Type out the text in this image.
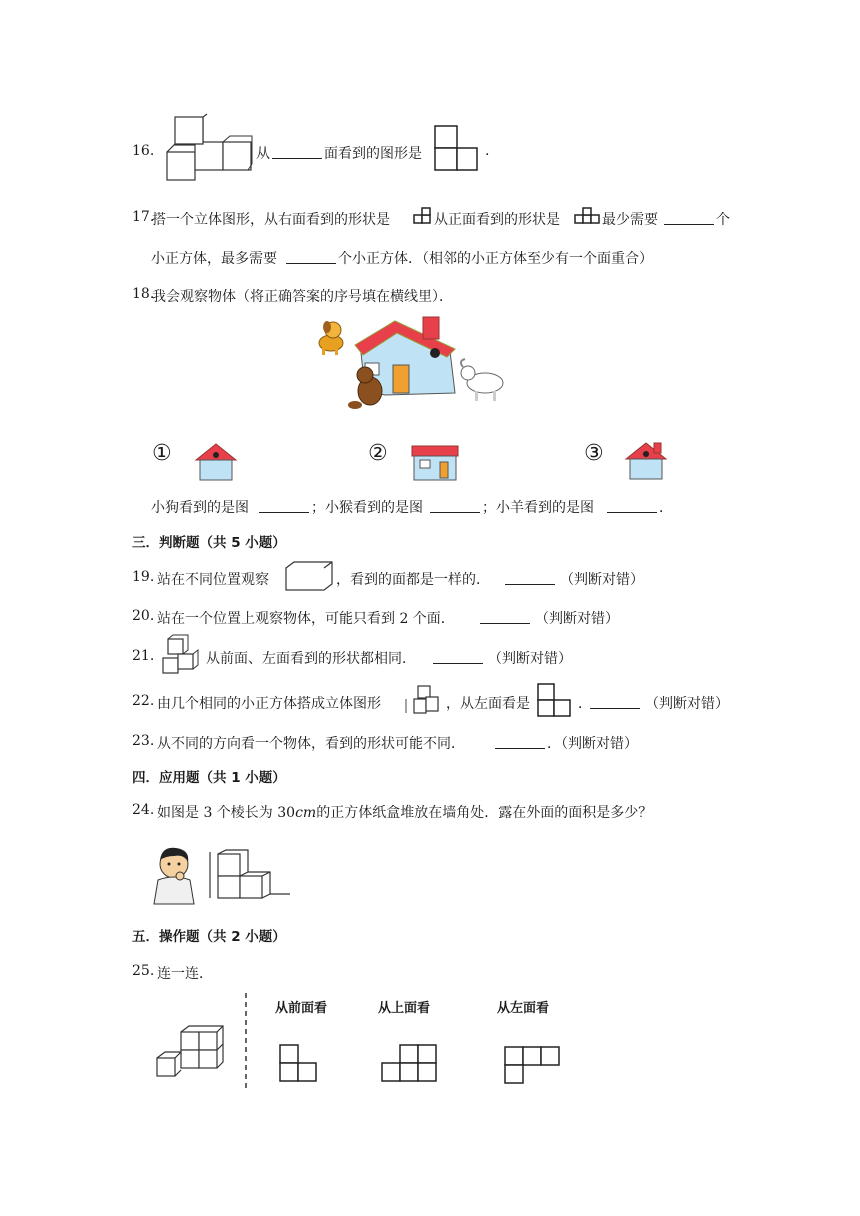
16.	从	面看到的图形是	.
17.
搭一个立体图形，从右面看到的形状是	从正面看到的形状是	最少需要	个
小正方体，最多需要	个小正方体．（相邻的小正方体至少有一个面重合）
18.
我会观察物体（将正确答案的序号填在横线里）．
①	②	③
小狗看到的是图	；小猴看到的是图	；小羊看到的是图	．
三．判断题（共 5 小题）
19. 站在不同位置观察	，看到的面都是一样的．	（判断对错）
20. 站在一个位置上观察物体，可能只看到 2 个面．	（判断对错）
21.	从前面、左面看到的形状都相同．	（判断对错）
22. 由几个相同的小正方体搭成立体图形	，从左面看是	．	（判断对错）
23. 从不同的方向看一个物体，看到的形状可能不同．	．（判断对错）
四．应用题（共 1 小题）
24. 如图是 3 个棱长为 30cm的正方体纸盒堆放在墙角处．露在外面的面积是多少？
五．操作题（共 2 小题）
25. 连一连．
从前面看	从上面看	从左面看
